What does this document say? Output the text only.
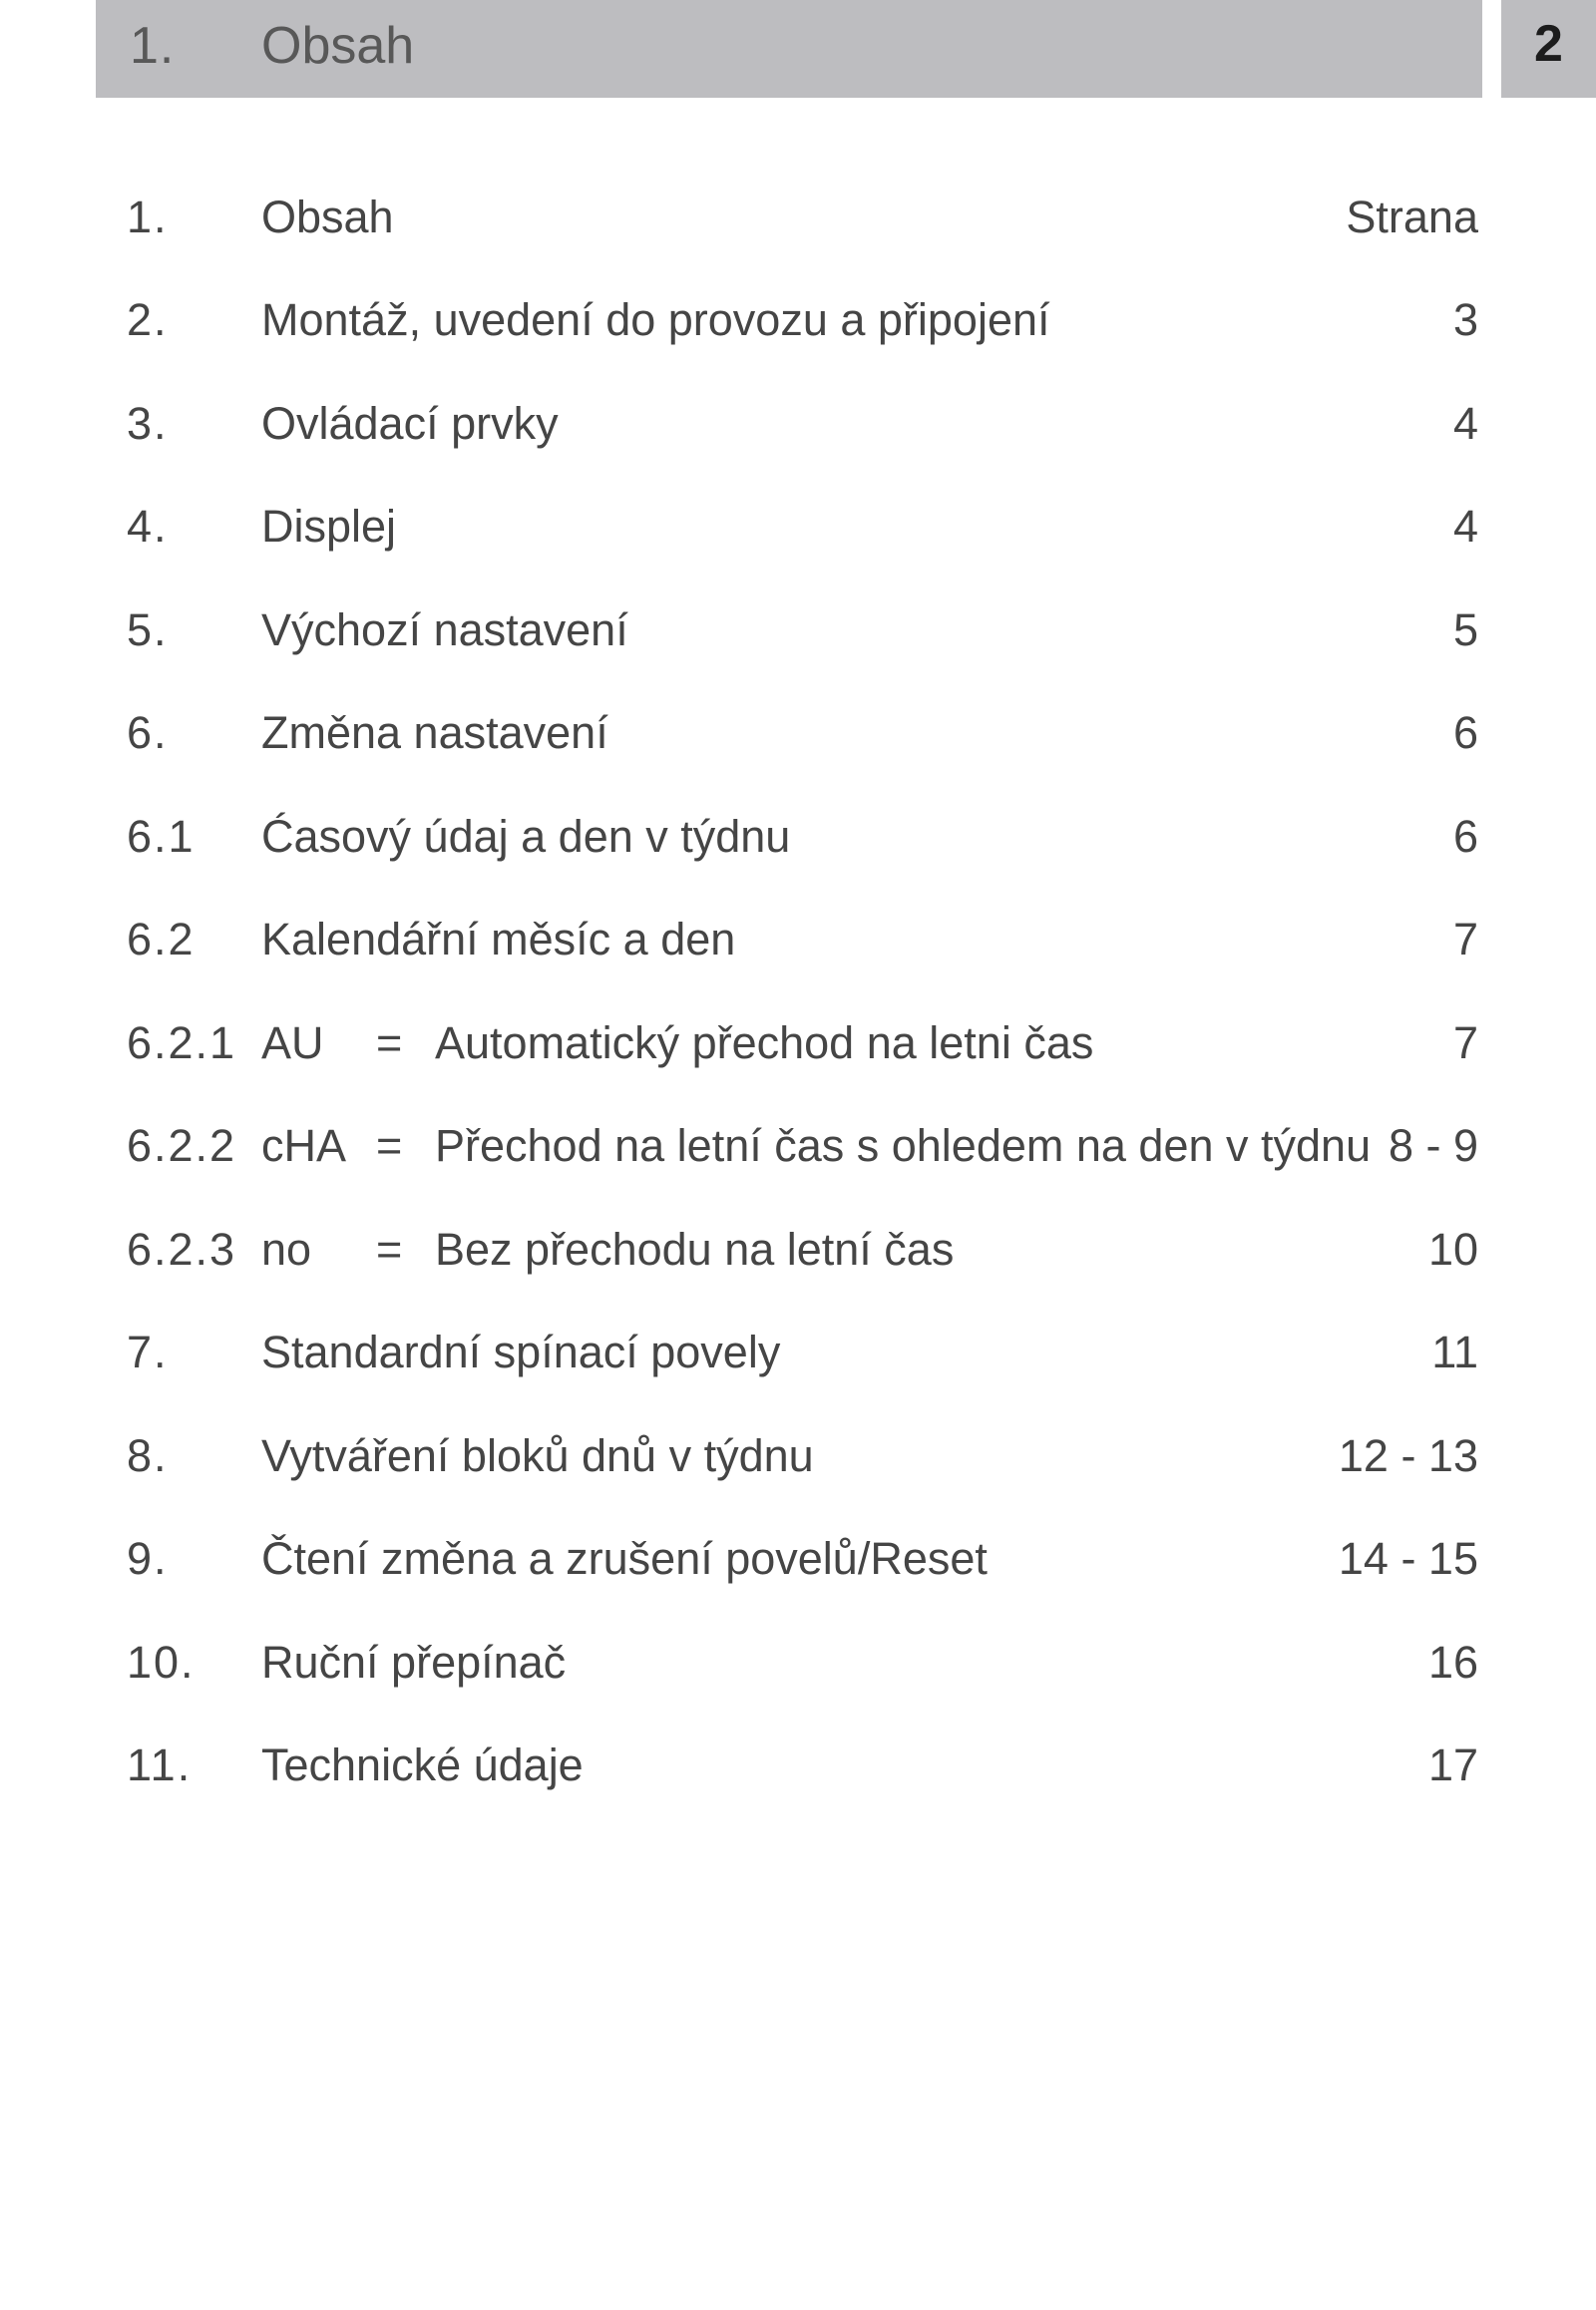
1. Obsah	2
1. Obsah	Strana
2. Montáž, uvedení do provozu a připojení	3
3. Ovládací prvky	4
4. Displej	4
5. Výchozí nastavení	5
6. Změna nastavení	6
6.1 Ćasový údaj a den v týdnu	6
6.2 Kalendářní měsíc a den	7
6.2.1 AU = Automatický přechod na letni čas	7
6.2.2 cHA = Přechod na letní čas s ohledem na den v týdnu 8 - 9
6.2.3 no = Bez přechodu na letní čas	10
7. Standardní spínací povely	11
8. Vytváření bloků dnů v týdnu	12 - 13
9. Čtení změna a zrušení povelů/Reset	14 - 15
10. Ruční přepínač	16
11. Technické údaje	17
